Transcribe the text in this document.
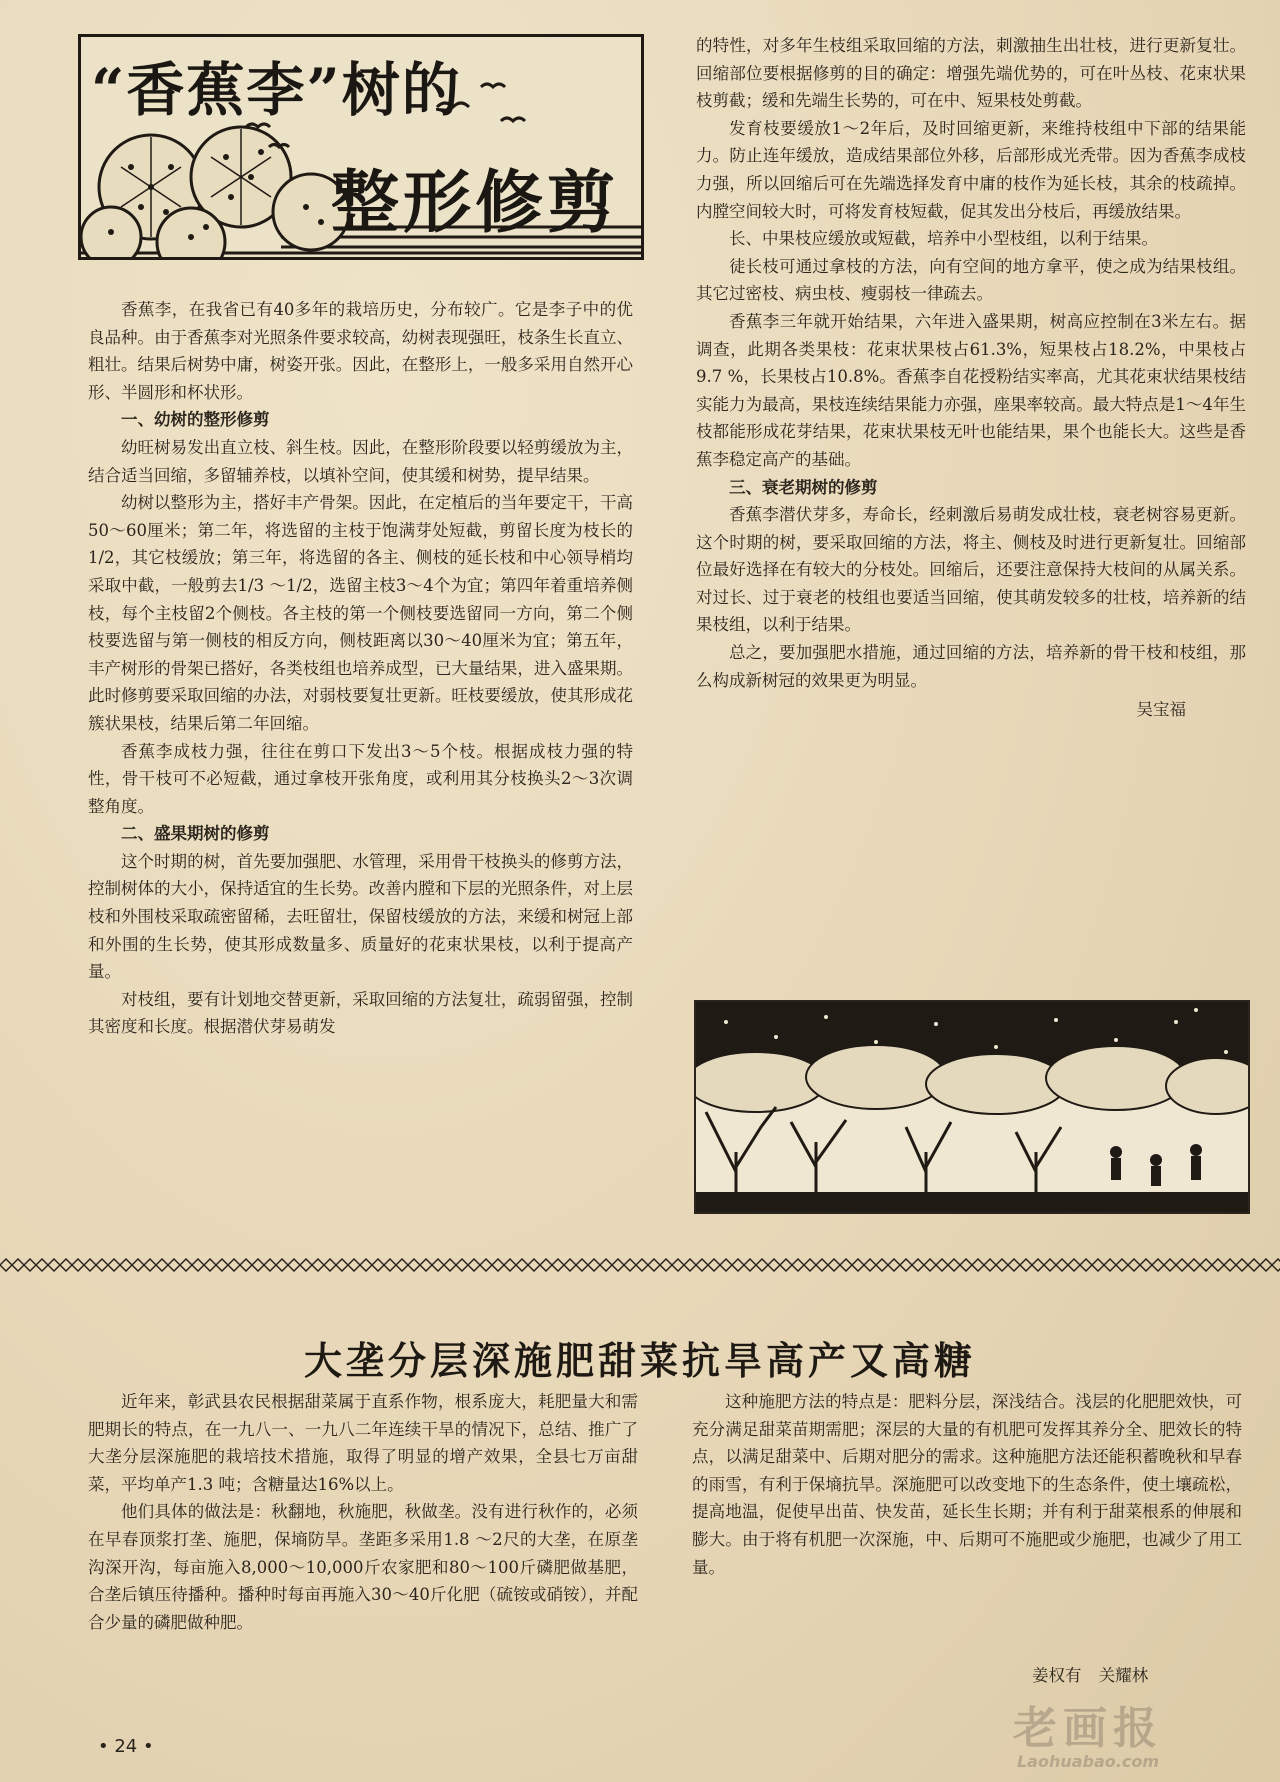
“香蕉李”树的
整形修剪

香蕉李，在我省已有40多年的栽培历史，分布较广。它是李子中的优良品种。由于香蕉李对光照条件要求较高，幼树表现强旺，枝条生长直立、粗壮。结果后树势中庸，树姿开张。因此，在整形上，一般多采用自然开心形、半圆形和杯状形。

一、幼树的整形修剪

幼旺树易发出直立枝、斜生枝。因此，在整形阶段要以轻剪缓放为主，结合适当回缩，多留辅养枝，以填补空间，使其缓和树势，提早结果。

幼树以整形为主，搭好丰产骨架。因此，在定植后的当年要定干，干高50～60厘米；第二年，将选留的主枝于饱满芽处短截，剪留长度为枝长的1/2，其它枝缓放；第三年，将选留的各主、侧枝的延长枝和中心领导梢均采取中截，一般剪去1/3 ～1/2，选留主枝3～4个为宜；第四年着重培养侧枝，每个主枝留2个侧枝。各主枝的第一个侧枝要选留同一方向，第二个侧枝要选留与第一侧枝的相反方向，侧枝距离以30～40厘米为宜；第五年，丰产树形的骨架已搭好，各类枝组也培养成型，已大量结果，进入盛果期。此时修剪要采取回缩的办法，对弱枝要复壮更新。旺枝要缓放，使其形成花簇状果枝，结果后第二年回缩。

香蕉李成枝力强，往往在剪口下发出3～5个枝。根据成枝力强的特性，骨干枝可不必短截，通过拿枝开张角度，或利用其分枝换头2～3次调整角度。

二、盛果期树的修剪

这个时期的树，首先要加强肥、水管理，采用骨干枝换头的修剪方法，控制树体的大小，保持适宜的生长势。改善内膛和下层的光照条件，对上层枝和外围枝采取疏密留稀，去旺留壮，保留枝缓放的方法，来缓和树冠上部和外围的生长势，使其形成数量多、质量好的花束状果枝，以利于提高产量。

对枝组，要有计划地交替更新，采取回缩的方法复壮，疏弱留强，控制其密度和长度。根据潜伏芽易萌发

的特性，对多年生枝组采取回缩的方法，刺激抽生出壮枝，进行更新复壮。回缩部位要根据修剪的目的确定：增强先端优势的，可在叶丛枝、花束状果枝剪截；缓和先端生长势的，可在中、短果枝处剪截。

发育枝要缓放1～2年后，及时回缩更新，来维持枝组中下部的结果能力。防止连年缓放，造成结果部位外移，后部形成光秃带。因为香蕉李成枝力强，所以回缩后可在先端选择发育中庸的枝作为延长枝，其余的枝疏掉。内膛空间较大时，可将发育枝短截，促其发出分枝后，再缓放结果。

长、中果枝应缓放或短截，培养中小型枝组，以利于结果。

徒长枝可通过拿枝的方法，向有空间的地方拿平，使之成为结果枝组。其它过密枝、病虫枝、瘦弱枝一律疏去。

香蕉李三年就开始结果，六年进入盛果期，树高应控制在3米左右。据调查，此期各类果枝：花束状果枝占61.3%，短果枝占18.2%，中果枝占9.7 %，长果枝占10.8%。香蕉李自花授粉结实率高，尤其花束状结果枝结实能力为最高，果枝连续结果能力亦强，座果率较高。最大特点是1～4年生枝都能形成花芽结果，花束状果枝无叶也能结果，果个也能长大。这些是香蕉李稳定高产的基础。

三、衰老期树的修剪

香蕉李潜伏芽多，寿命长，经刺激后易萌发成壮枝，衰老树容易更新。这个时期的树，要采取回缩的方法，将主、侧枝及时进行更新复壮。回缩部位最好选择在有较大的分枝处。回缩后，还要注意保持大枝间的从属关系。对过长、过于衰老的枝组也要适当回缩，使其萌发较多的壮枝，培养新的结果枝组，以利于结果。

总之，要加强肥水措施，通过回缩的方法，培养新的骨干枝和枝组，那么构成新树冠的效果更为明显。

吴宝福
大垄分层深施肥甜菜抗旱高产又高糖

近年来，彰武县农民根据甜菜属于直系作物，根系庞大，耗肥量大和需肥期长的特点，在一九八一、一九八二年连续干旱的情况下，总结、推广了大垄分层深施肥的栽培技术措施，取得了明显的增产效果，全县七万亩甜菜，平均单产1.3 吨；含糖量达16%以上。

他们具体的做法是：秋翻地，秋施肥，秋做垄。没有进行秋作的，必须在早春顶浆打垄、施肥，保墒防旱。垄距多采用1.8 ～2尺的大垄，在原垄沟深开沟，每亩施入8,000～10,000斤农家肥和80～100斤磷肥做基肥，合垄后镇压待播种。播种时每亩再施入30～40斤化肥（硫铵或硝铵），并配合少量的磷肥做种肥。

这种施肥方法的特点是：肥料分层，深浅结合。浅层的化肥肥效快，可充分满足甜菜苗期需肥；深层的大量的有机肥可发挥其养分全、肥效长的特点，以满足甜菜中、后期对肥分的需求。这种施肥方法还能积蓄晚秋和早春的雨雪，有利于保墒抗旱。深施肥可以改变地下的生态条件，使土壤疏松，提高地温，促使早出苗、快发苗，延长生长期；并有利于甜菜根系的伸展和膨大。由于将有机肥一次深施，中、后期可不施肥或少施肥，也减少了用工量。

姜权有 关耀林
• 24 •	老画报
Laohuabao.com
